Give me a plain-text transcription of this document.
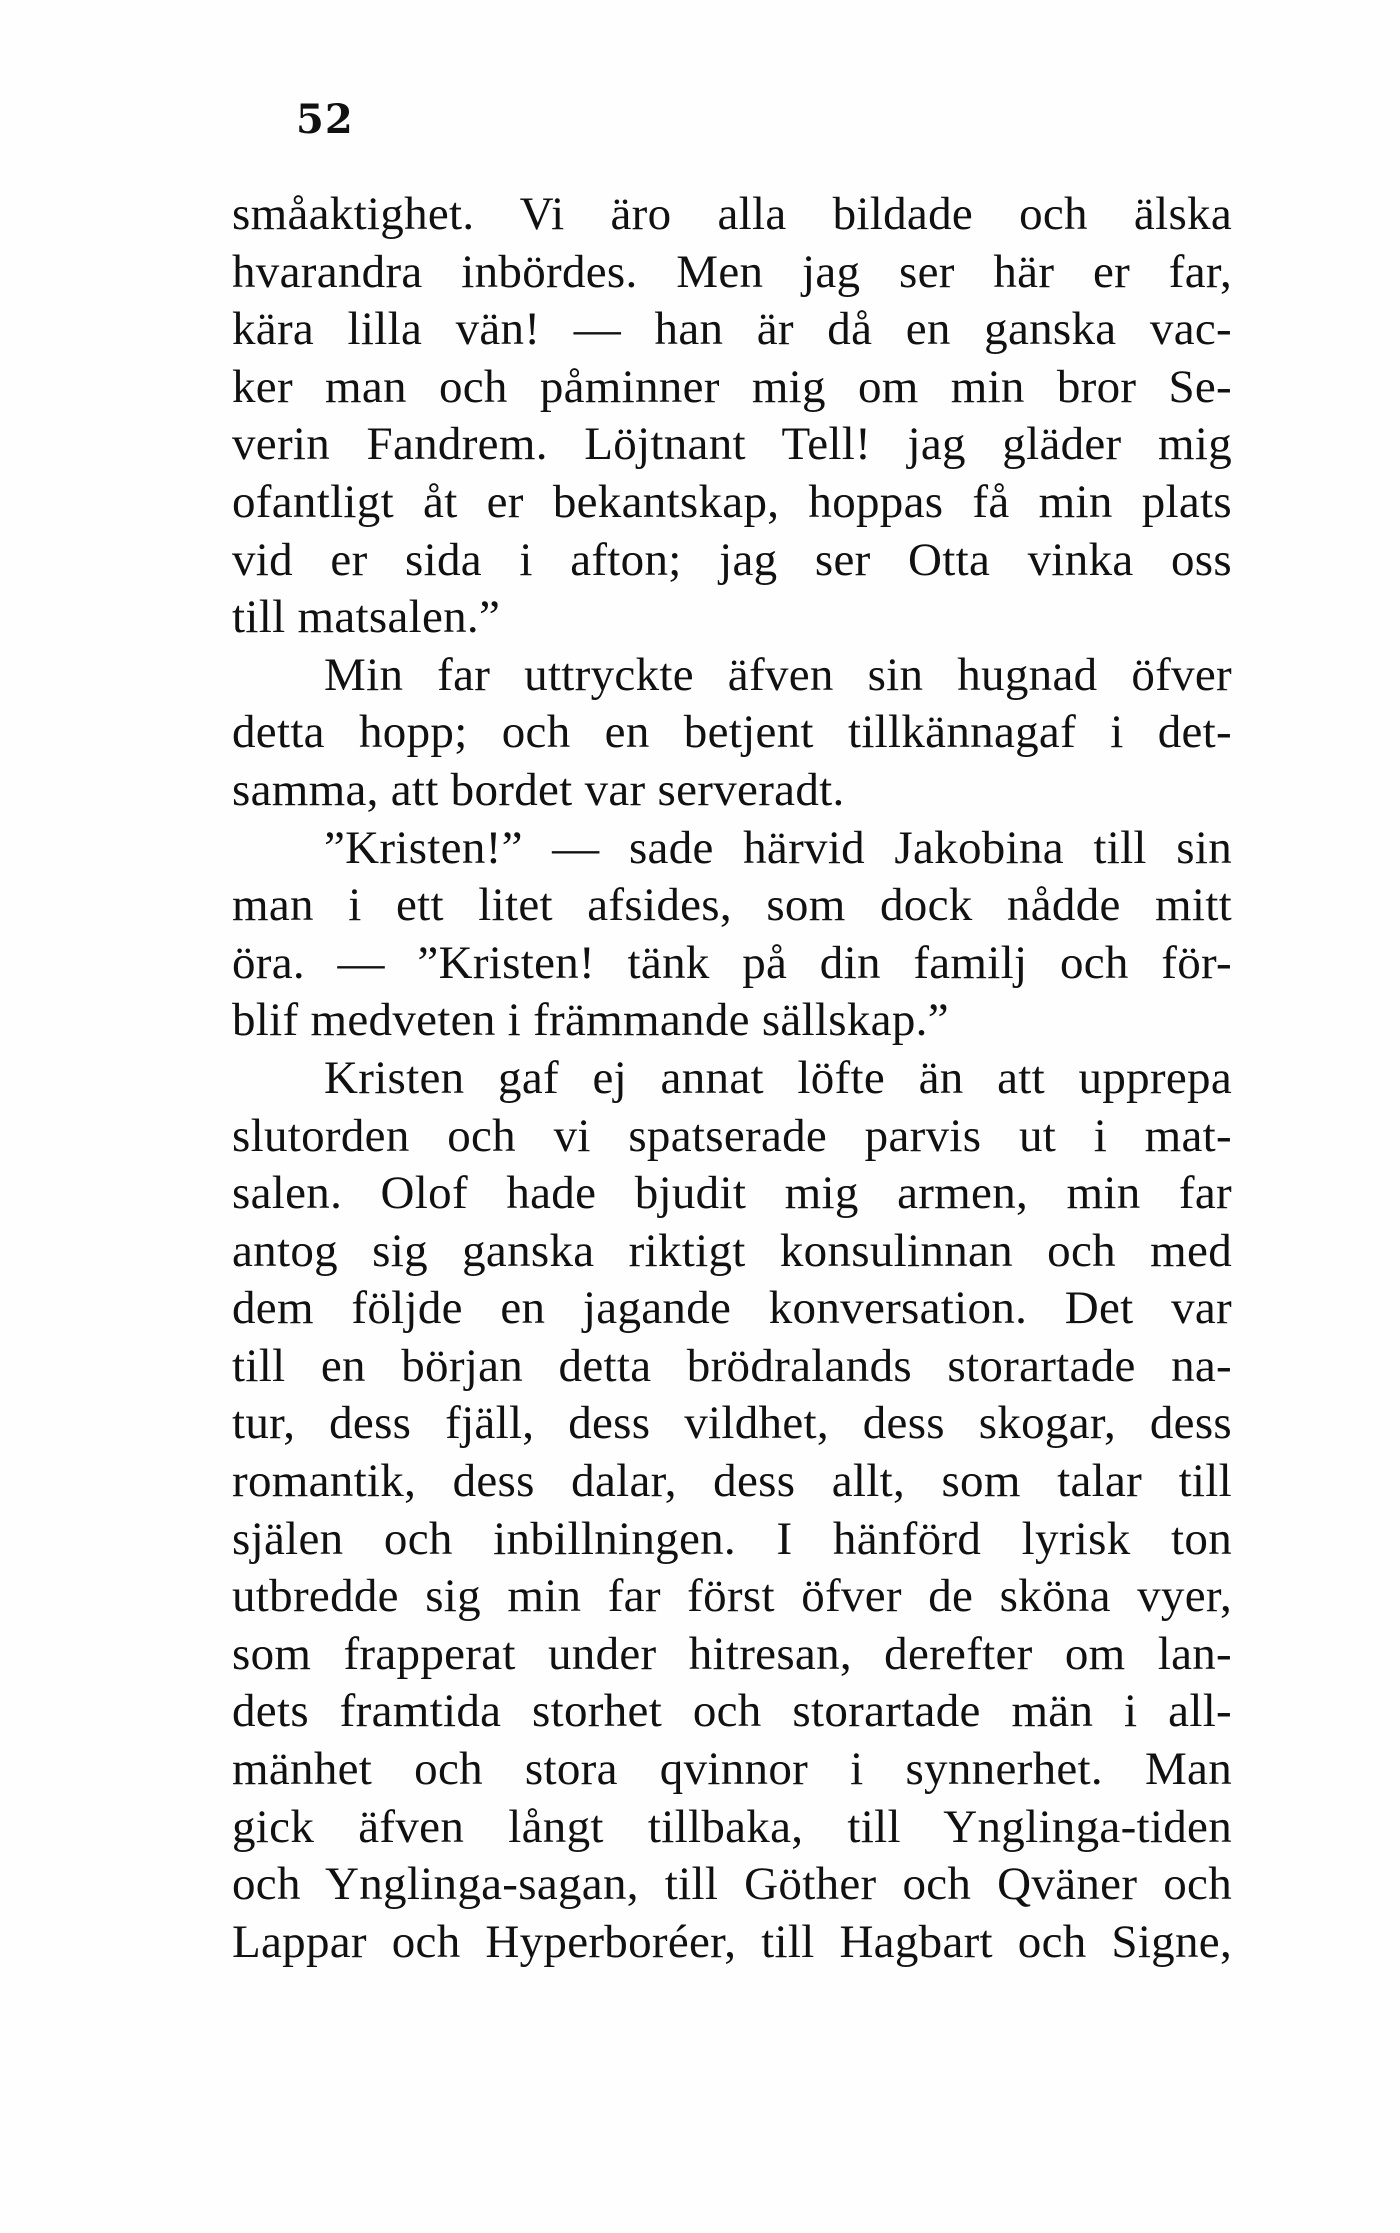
52
småaktighet. Vi äro alla bildade och älska
hvarandra inbördes. Men jag ser här er far,
kära lilla vän! — han är då en ganska vac-
ker man och påminner mig om min bror Se-
verin Fandrem. Löjtnant Tell! jag gläder mig
ofantligt åt er bekantskap, hoppas få min plats
vid er sida i afton; jag ser Otta vinka oss
till matsalen.”
Min far uttryckte äfven sin hugnad öfver
detta hopp; och en betjent tillkännagaf i det-
samma, att bordet var serveradt.
”Kristen!” — sade härvid Jakobina till sin
man i ett litet afsides, som dock nådde mitt
öra. — ”Kristen! tänk på din familj och för-
blif medveten i främmande sällskap.”
Kristen gaf ej annat löfte än att upprepa
slutorden och vi spatserade parvis ut i mat-
salen. Olof hade bjudit mig armen, min far
antog sig ganska riktigt konsulinnan och med
dem följde en jagande konversation. Det var
till en början detta brödralands storartade na-
tur, dess fjäll, dess vildhet, dess skogar, dess
romantik, dess dalar, dess allt, som talar till
själen och inbillningen. I hänförd lyrisk ton
utbredde sig min far först öfver de sköna vyer,
som frapperat under hitresan, derefter om lan-
dets framtida storhet och storartade män i all-
mänhet och stora qvinnor i synnerhet. Man
gick äfven långt tillbaka, till Ynglinga-tiden
och Ynglinga-sagan, till Göther och Qväner och
Lappar och Hyperboréer, till Hagbart och Signe,
